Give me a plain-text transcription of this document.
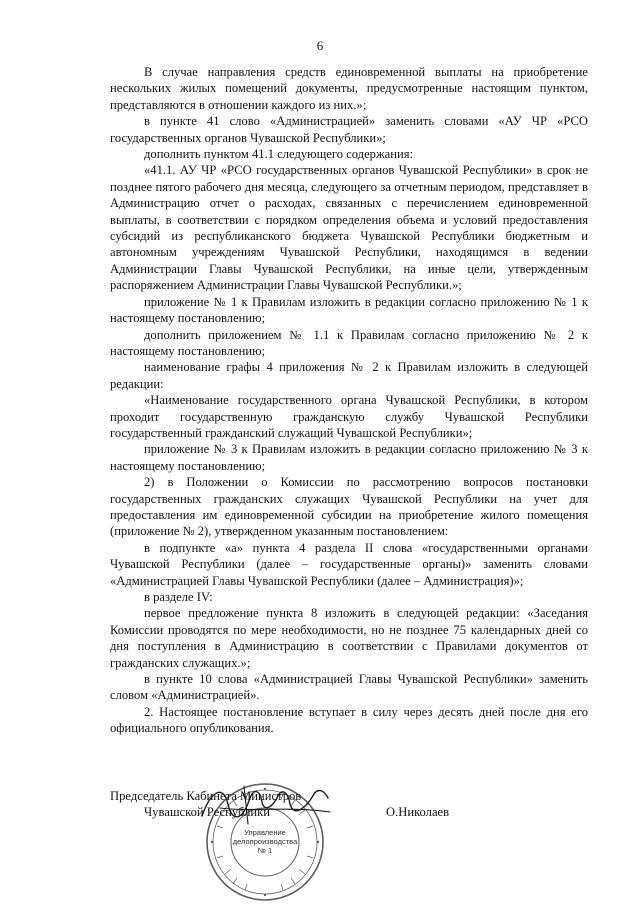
6

В случае направления средств единовременной выплаты на приобретение нескольких жилых помещений документы, предусмотренные настоящим пунктом, представляются в отношении каждого из них.»;

в пункте 41 слово «Администрацией» заменить словами «АУ ЧР «РСО государственных органов Чувашской Республики»;

дополнить пунктом 41.1 следующего содержания:

«41.1. АУ ЧР «РСО государственных органов Чувашской Республики» в срок не позднее пятого рабочего дня месяца, следующего за отчетным периодом, представляет в Администрацию отчет о расходах, связанных с перечислением единовременной выплаты, в соответствии с порядком определения объема и условий предоставления субсидий из республиканского бюджета Чувашской Республики бюджетным и автономным учреждениям Чувашской Республики, находящимся в ведении Администрации Главы Чувашской Республики, на иные цели, утвержденным распоряжением Администрации Главы Чувашской Республики.»;

приложение № 1 к Правилам изложить в редакции согласно приложению № 1 к настоящему постановлению;

дополнить приложением № 1.1 к Правилам согласно приложению № 2 к настоящему постановлению;

наименование графы 4 приложения № 2 к Правилам изложить в следующей редакции:

«Наименование государственного органа Чувашской Республики, в котором проходит государственную гражданскую службу Чувашской Республики государственный гражданский служащий Чувашской Республики»;

приложение № 3 к Правилам изложить в редакции согласно приложению № 3 к настоящему постановлению;

2) в Положении о Комиссии по рассмотрению вопросов постановки государственных гражданских служащих Чувашской Республики на учет для предоставления им единовременной субсидии на приобретение жилого помещения (приложение № 2), утвержденном указанным постановлением:

в подпункте «а» пункта 4 раздела II слова «государственными органами Чувашской Республики (далее – государственные органы)» заменить словами «Администрацией Главы Чувашской Республики (далее – Администрация)»;

в разделе IV:

первое предложение пункта 8 изложить в следующей редакции: «Заседания Комиссии проводятся по мере необходимости, но не позднее 75 календарных дней со дня поступления в Администрацию в соответствии с Правилами документов от гражданских служащих.»;

в пункте 10 слова «Администрацией Главы Чувашской Республики» заменить словом «Администрацией».

2. Настоящее постановление вступает в силу через десять дней после дня его официального опубликования.

Управление
делопроизводства
№ 1
Председатель Кабинета Министров
Чувашской Республики	О.Николаев
